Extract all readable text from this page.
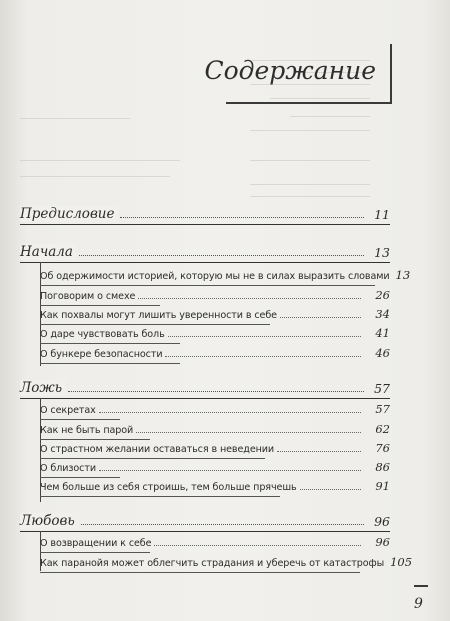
Содержание
Предисловие	11
Начала	13
Об одержимости историей, которую мы не в силах выразить словами 13
Поговорим о смехе	26
Как похвалы могут лишить уверенности в себе	34
О даре чувствовать боль	41
О бункере безопасности	46
Ложь	57
О секретах	57
Как не быть парой	62
О страстном желании оставаться в неведении	76
О близости	86
Чем больше из себя строишь, тем больше прячешь	91
Любовь	96
О возвращении к себе	96
Как паранойя может облегчить страдания и уберечь от катастрофы 105
9
